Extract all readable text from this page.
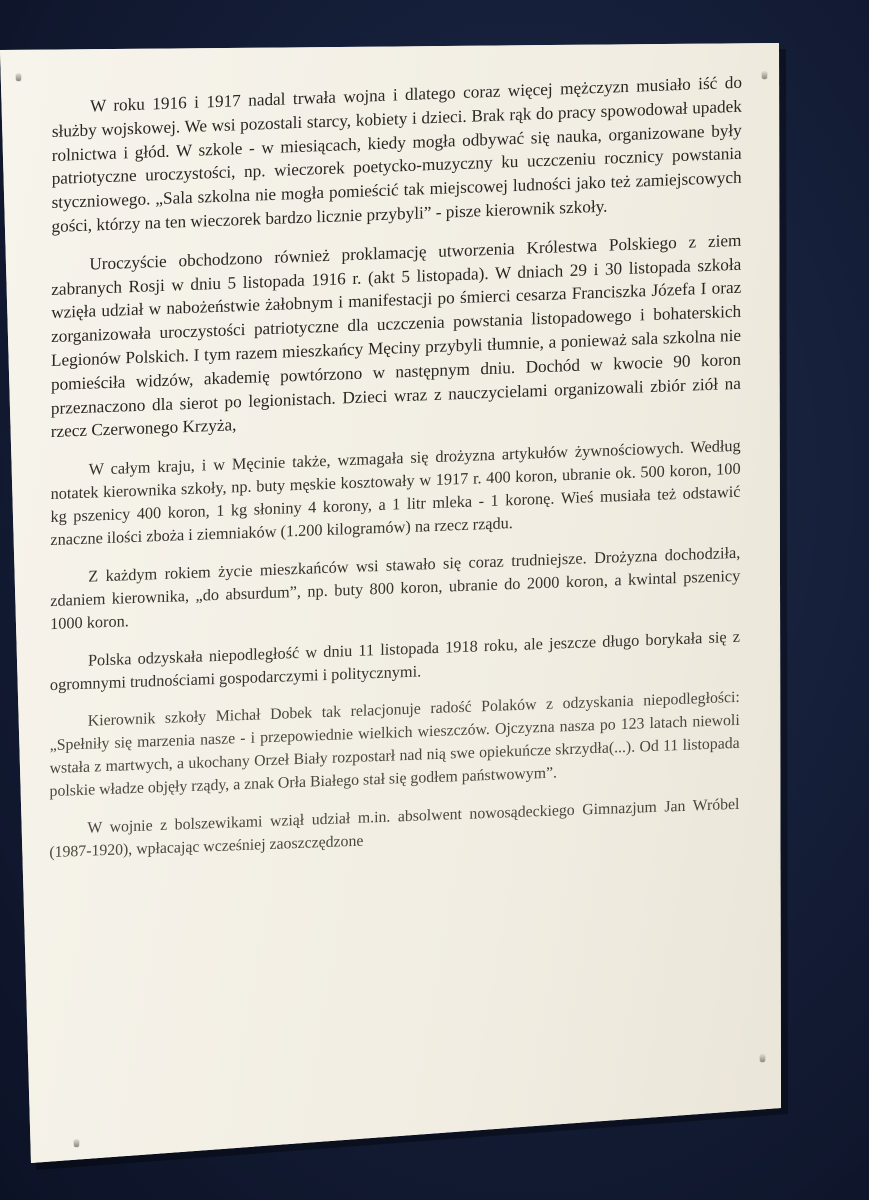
W roku 1916 i 1917 nadal trwała wojna i dlatego coraz więcej mężczyzn musiało iść do służby wojskowej. We wsi pozostali starcy, kobiety i dzieci. Brak rąk do pracy spowodował upadek rolnictwa i głód. W szkole - w miesiącach, kiedy mogła odbywać się nauka, organizowane były patriotyczne uroczystości, np. wieczorek poetycko-muzyczny ku uczczeniu rocznicy powstania styczniowego. „Sala szkolna nie mogła pomieścić tak miejscowej ludności jako też zamiejscowych gości, którzy na ten wieczorek bardzo licznie przybyli” - pisze kierownik szkoły.

Uroczyście obchodzono również proklamację utworzenia Królestwa Polskiego z ziem zabranych Rosji w dniu 5 listopada 1916 r. (akt 5 listopada). W dniach 29 i 30 listopada szkoła wzięła udział w nabożeństwie żałobnym i manifestacji po śmierci cesarza Franciszka Józefa I oraz zorganizowała uroczystości patriotyczne dla uczczenia powstania listopadowego i bohaterskich Legionów Polskich. I tym razem mieszkańcy Męciny przybyli tłumnie, a ponieważ sala szkolna nie pomieściła widzów, akademię powtórzono w następnym dniu. Dochód w kwocie 90 koron przeznaczono dla sierot po legionistach. Dzieci wraz z nauczycielami organizowali zbiór ziół na rzecz Czerwonego Krzyża,

W całym kraju, i w Męcinie także, wzmagała się drożyzna artykułów żywnościowych. Według notatek kierownika szkoły, np. buty męskie kosztowały w 1917 r. 400 koron, ubranie ok. 500 koron, 100 kg pszenicy 400 koron, 1 kg słoniny 4 korony, a 1 litr mleka - 1 koronę. Wieś musiała też odstawić znaczne ilości zboża i ziemniaków (1.200 kilogramów) na rzecz rządu.

Z każdym rokiem życie mieszkańców wsi stawało się coraz trudniejsze. Drożyzna dochodziła, zdaniem kierownika, „do absurdum”, np. buty 800 koron, ubranie do 2000 koron, a kwintal pszenicy 1000 koron.

Polska odzyskała niepodległość w dniu 11 listopada 1918 roku, ale jeszcze długo borykała się z ogromnymi trudnościami gospodarczymi i politycznymi.

Kierownik szkoły Michał Dobek tak relacjonuje radość Polaków z odzyskania niepodległości: „Spełniły się marzenia nasze - i przepowiednie wielkich wieszczów. Ojczyzna nasza po 123 latach niewoli wstała z martwych, a ukochany Orzeł Biały rozpostarł nad nią swe opiekuńcze skrzydła(...). Od 11 listopada polskie władze objęły rządy, a znak Orła Białego stał się godłem państwowym”.

W wojnie z bolszewikami wziął udział m.in. absolwent nowosądeckiego Gimnazjum Jan Wróbel (1987-1920), wpłacając wcześniej zaoszczędzone
